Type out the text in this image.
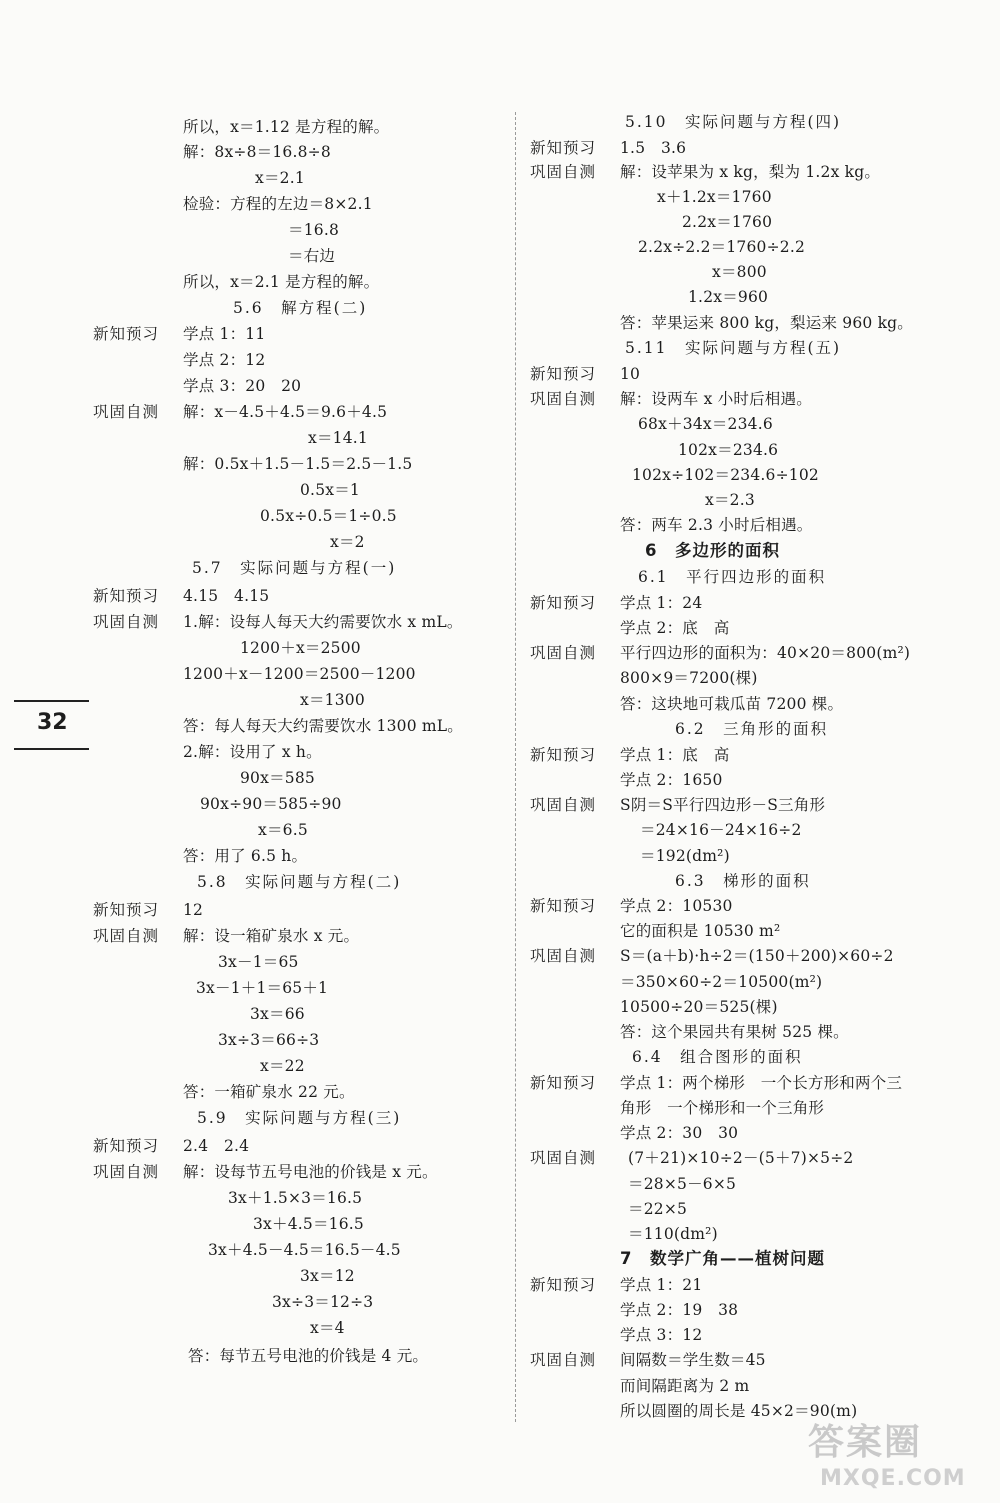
所以，x＝1.12 是方程的解。
解：8x÷8＝16.8÷8
x＝2.1
检验：方程的左边＝8×2.1
＝16.8
＝右边
所以，x＝2.1 是方程的解。
5.6　解方程(二)
新知预习 学点 1：11
学点 2：12
学点 3：20　20
巩固自测 解：x－4.5＋4.5＝9.6＋4.5
x＝14.1
解：0.5x＋1.5－1.5＝2.5－1.5
0.5x＝1
0.5x÷0.5＝1÷0.5
x＝2
5.7　实际问题与方程(一)
新知预习 4.15　4.15
巩固自测 1.解：设每人每天大约需要饮水 x mL。
1200＋x＝2500
1200＋x－1200＝2500－1200
x＝1300
答：每人每天大约需要饮水 1300 mL。
2.解：设用了 x h。
90x＝585
90x÷90＝585÷90
x＝6.5
答：用了 6.5 h。
5.8　实际问题与方程(二)
新知预习 12
巩固自测 解：设一箱矿泉水 x 元。
3x－1＝65
3x－1＋1＝65＋1
3x＝66
3x÷3＝66÷3
x＝22
答：一箱矿泉水 22 元。
5.9　实际问题与方程(三)
新知预习 2.4　2.4
巩固自测 解：设每节五号电池的价钱是 x 元。
3x＋1.5×3＝16.5
3x＋4.5＝16.5
3x＋4.5－4.5＝16.5－4.5
3x＝12
3x÷3＝12÷3
x＝4
答：每节五号电池的价钱是 4 元。
5.10　实际问题与方程(四)
新知预习 1.5　3.6
巩固自测 解：设苹果为 x kg，梨为 1.2x kg。
x＋1.2x＝1760
2.2x＝1760
2.2x÷2.2＝1760÷2.2
x＝800
1.2x＝960
答：苹果运来 800 kg，梨运来 960 kg。
5.11　实际问题与方程(五)
新知预习 10
巩固自测 解：设两车 x 小时后相遇。
68x＋34x＝234.6
102x＝234.6
102x÷102＝234.6÷102
x＝2.3
答：两车 2.3 小时后相遇。
6　多边形的面积
6.1　平行四边形的面积
新知预习 学点 1：24
学点 2：底　高
巩固自测 平行四边形的面积为：40×20＝800(m²)
800×9＝7200(棵)
答：这块地可栽瓜苗 7200 棵。
6.2　三角形的面积
新知预习 学点 1：底　高
学点 2：1650
巩固自测 S阴＝S平行四边形－S三角形
＝24×16－24×16÷2
＝192(dm²)
6.3　梯形的面积
新知预习 学点 2：10530
它的面积是 10530 m²
巩固自测 S＝(a＋b)·h÷2＝(150＋200)×60÷2
＝350×60÷2＝10500(m²)
10500÷20＝525(棵)
答：这个果园共有果树 525 棵。
6.4　组合图形的面积
新知预习 学点 1：两个梯形　一个长方形和两个三
角形　一个梯形和一个三角形
学点 2：30　30
巩固自测 (7＋21)×10÷2－(5＋7)×5÷2
＝28×5－6×5
＝22×5
＝110(dm²)
7　数学广角——植树问题
新知预习 学点 1：21
学点 2：19　38
学点 3：12
巩固自测 间隔数＝学生数＝45
而间隔距离为 2 m
所以圆圈的周长是 45×2＝90(m)
32
答案圈
MXQE.COM
